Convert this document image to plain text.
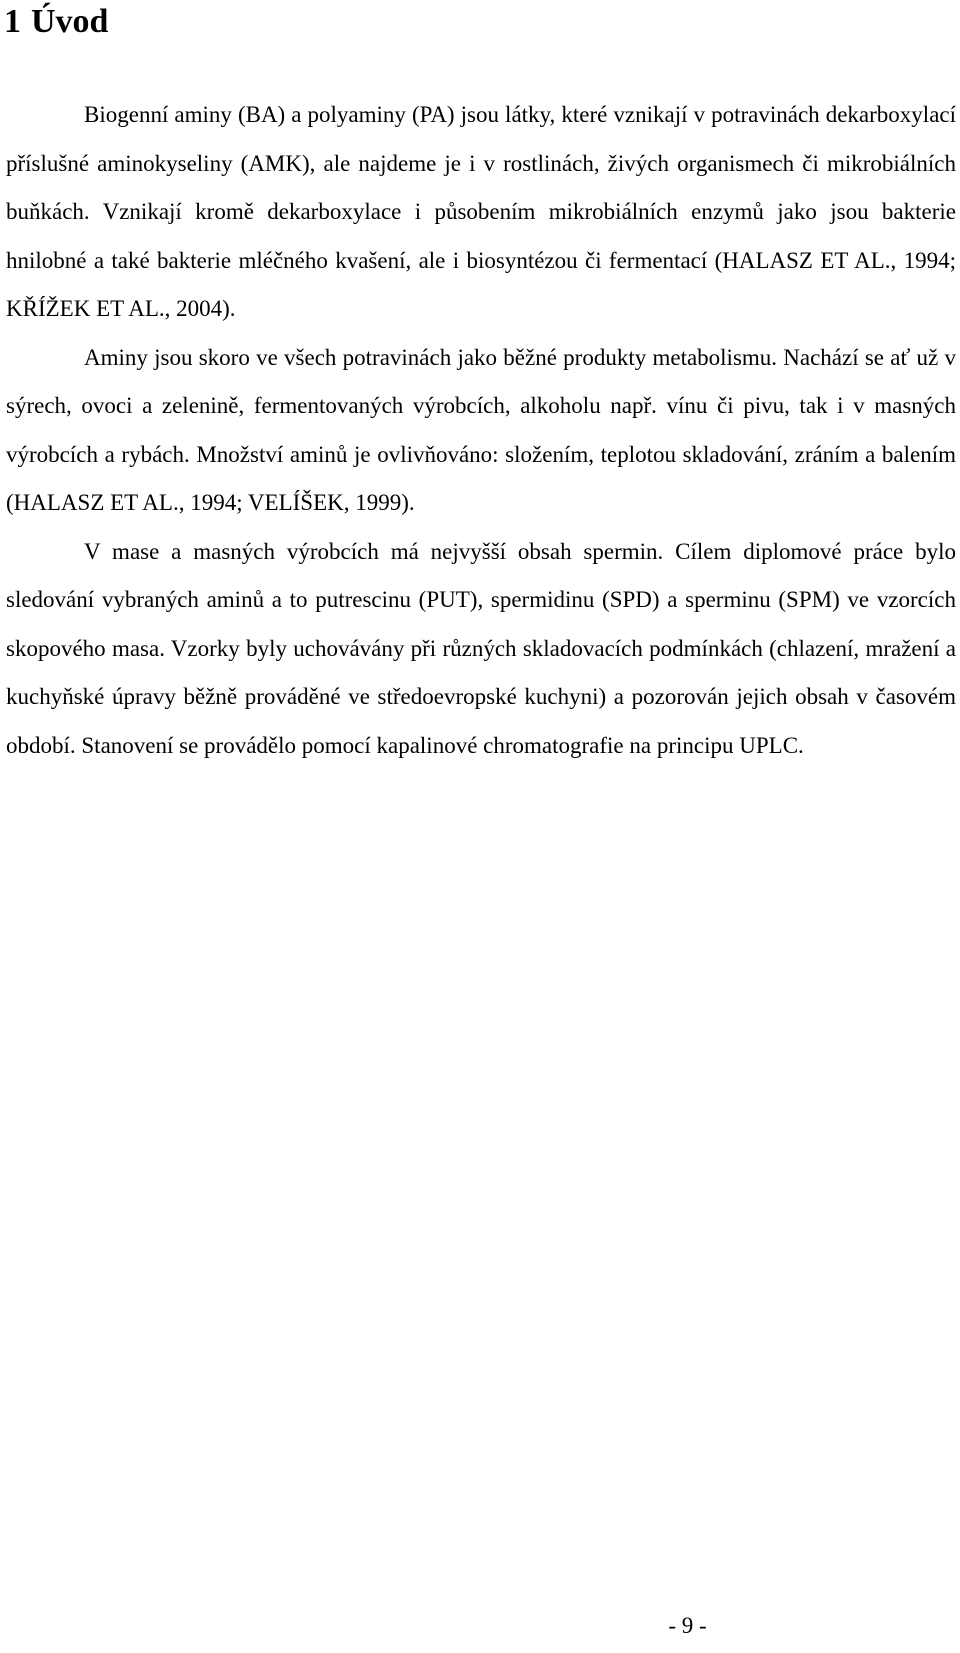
1 Úvod

Biogenní aminy (BA) a polyaminy (PA) jsou látky, které vznikají v potravinách dekarboxylací příslušné aminokyseliny (AMK), ale najdeme je i v rostlinách, živých organismech či mikrobiálních buňkách. Vznikají kromě dekarboxylace i působením mikrobiálních enzymů jako jsou bakterie hnilobné a také bakterie mléčného kvašení, ale i biosyntézou či fermentací (HALASZ ET AL., 1994; KŘÍŽEK ET AL., 2004).

Aminy jsou skoro ve všech potravinách jako běžné produkty metabolismu. Nachází se ať už v sýrech, ovoci a zelenině, fermentovaných výrobcích, alkoholu např. vínu či pivu, tak i v masných výrobcích a rybách. Množství aminů je ovlivňováno: složením, teplotou skladování, zráním a balením (HALASZ ET AL., 1994; VELÍŠEK, 1999).

V mase a masných výrobcích má nejvyšší obsah spermin. Cílem diplomové práce bylo sledování vybraných aminů a to putrescinu (PUT), spermidinu (SPD) a sperminu (SPM) ve vzorcích skopového masa. Vzorky byly uchovávány při různých skladovacích podmínkách (chlazení, mražení a kuchyňské úpravy běžně prováděné ve středoevropské kuchyni) a pozorován jejich obsah v časovém období. Stanovení se provádělo pomocí kapalinové chromatografie na principu UPLC.

- 9 -
